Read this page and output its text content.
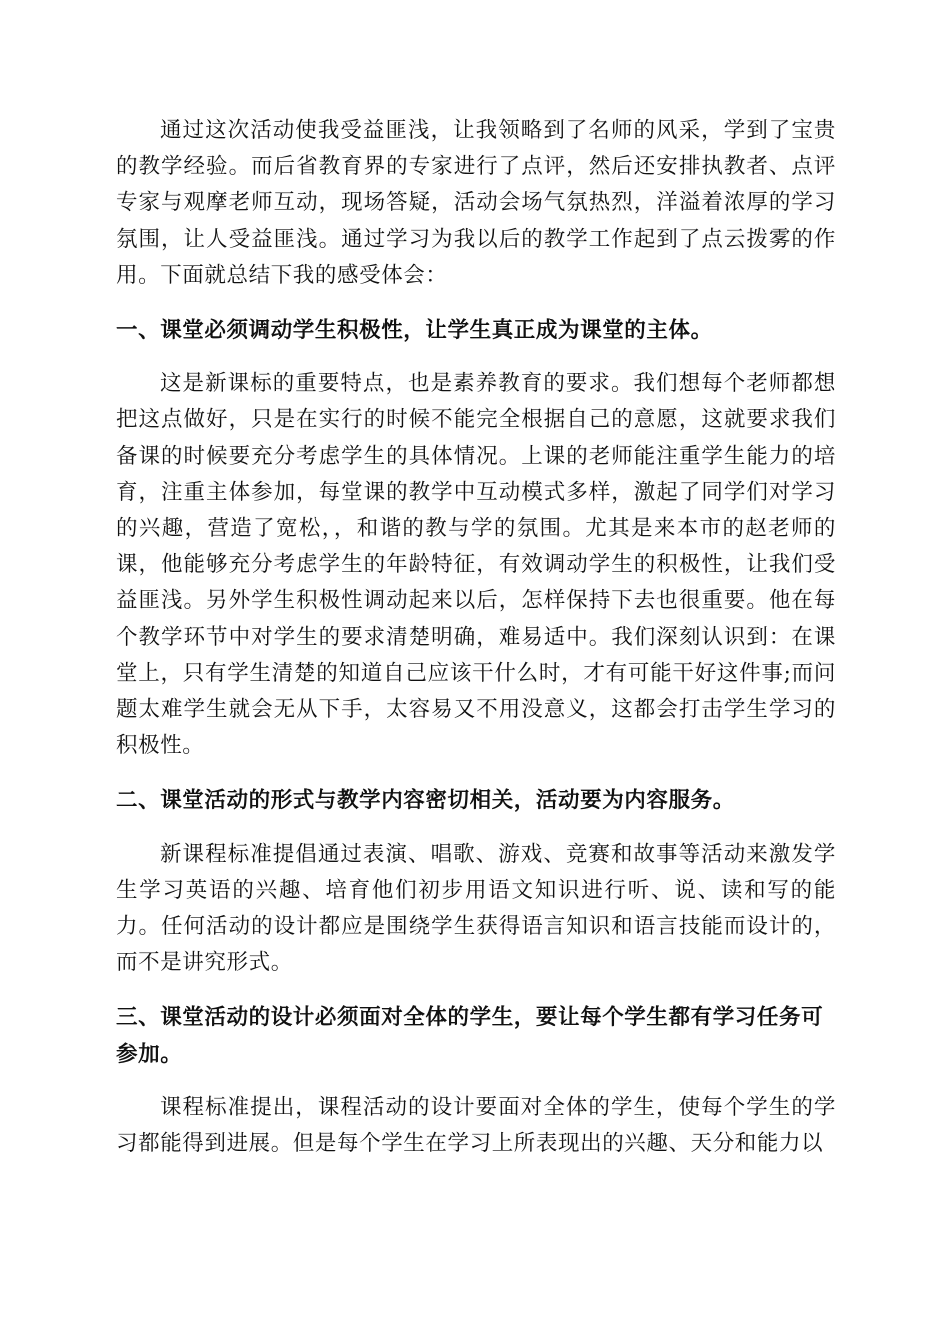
通过这次活动使我受益匪浅，让我领略到了名师的风采，学到了宝贵的教学经验。而后省教育界的专家进行了点评，然后还安排执教者、点评专家与观摩老师互动，现场答疑，活动会场气氛热烈，洋溢着浓厚的学习氛围，让人受益匪浅。通过学习为我以后的教学工作起到了点云拨雾的作用。下面就总结下我的感受体会：

一、课堂必须调动学生积极性，让学生真正成为课堂的主体。

这是新课标的重要特点，也是素养教育的要求。我们想每个老师都想把这点做好，只是在实行的时候不能完全根据自己的意愿，这就要求我们备课的时候要充分考虑学生的具体情况。上课的老师能注重学生能力的培育，注重主体参加，每堂课的教学中互动模式多样，激起了同学们对学习的兴趣，营造了宽松，，和谐的教与学的氛围。尤其是来本市的赵老师的课，他能够充分考虑学生的年龄特征，有效调动学生的积极性，让我们受益匪浅。另外学生积极性调动起来以后，怎样保持下去也很重要。他在每个教学环节中对学生的要求清楚明确，难易适中。我们深刻认识到：在课堂上，只有学生清楚的知道自己应该干什么时，才有可能干好这件事;而问题太难学生就会无从下手，太容易又不用没意义，这都会打击学生学习的积极性。

二、课堂活动的形式与教学内容密切相关，活动要为内容服务。

新课程标准提倡通过表演、唱歌、游戏、竞赛和故事等活动来激发学生学习英语的兴趣、培育他们初步用语文知识进行听、说、读和写的能力。任何活动的设计都应是围绕学生获得语言知识和语言技能而设计的，而不是讲究形式。

三、课堂活动的设计必须面对全体的学生，要让每个学生都有学习任务可参加。

课程标准提出，课程活动的设计要面对全体的学生，使每个学生的学习都能得到进展。但是每个学生在学习上所表现出的兴趣、天分和能力以
